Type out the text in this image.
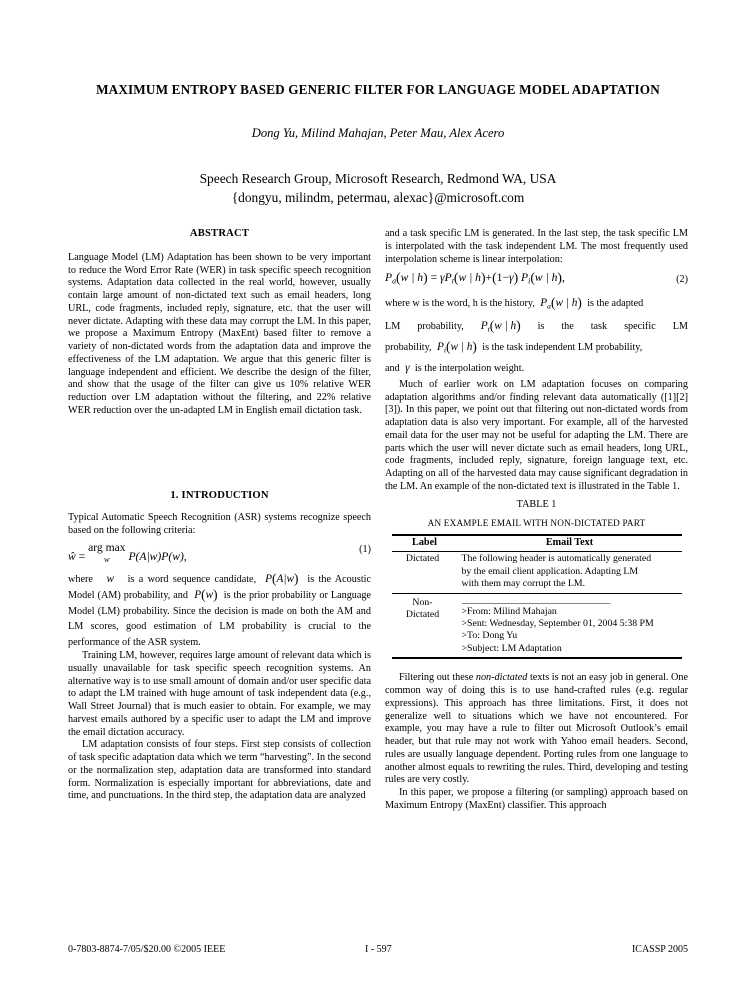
MAXIMUM ENTROPY BASED GENERIC FILTER FOR LANGUAGE MODEL ADAPTATION
Dong Yu, Milind Mahajan, Peter Mau, Alex Acero
Speech Research Group, Microsoft Research, Redmond WA, USA
{dongyu, milindm, petermau, alexac}@microsoft.com
ABSTRACT

Language Model (LM) Adaptation has been shown to be very important to reduce the Word Error Rate (WER) in task specific speech recognition systems. Adaptation data collected in the real world, however, usually contain large amount of non-dictated text such as email headers, long URL, code fragments, included reply, signature, etc. that the user will never dictate. Adapting with these data may corrupt the LM. In this paper, we propose a Maximum Entropy (MaxEnt) based filter to remove a variety of non-dictated words from the adaptation data and improve the effectiveness of the LM adaptation. We argue that this generic filter is language independent and efficient. We describe the design of the filter, and show that the usage of the filter can give us 10% relative WER reduction over LM adaptation without the filtering, and 22% relative WER reduction over the un-adapted LM in English email dictation task.

1. INTRODUCTION

Typical Automatic Speech Recognition (ASR) systems recognize speech based on the following criteria:

ŵ = arg max
w	P(A|w)P(w),
(1)

where   w   is a word sequence candidate,  P(A|w) is the Acoustic Model (AM) probability, and  P(w) is the prior probability or Language Model (LM) probability. Since the decision is made on both the AM and LM scores, good estimation of LM probability is crucial to the performance of the ASR system.

Training LM, however, requires large amount of relevant data which is usually unavailable for task specific speech recognition systems. An alternative way is to use small amount of domain and/or user specific data to adapt the LM trained with huge amount of task independent data (e.g., Wall Street Journal) that is much easier to obtain. For example, we may harvest emails authored by a specific user to adapt the LM and improve the email dictation accuracy.

LM adaptation consists of four steps. First step consists of collection of task specific adaptation data which we term “harvesting”. In the second or the normalization step, adaptation data are transformed into standard form. Normalization is especially important for abbreviations, date and time, and punctuations. In the third step, the adaptation data are analyzed

and a task specific LM is generated. In the last step, the task specific LM is interpolated with the task independent LM. The most frequently used interpolation scheme is linear interpolation:

$P_a(w$ | $h) = \gamma P_t(w$ | h)+(1−γ) $P_i(w$ | h),	(2)

where w is the word, h is the history,  $P_a(w$ | h) is the adapted

LM probability, $P_t(w$ | h) is the task specific LM

probability,  $P_i(w$ | h) is the task independent LM probability,

and  γ  is the interpolation weight.

Much of earlier work on LM adaptation focuses on comparing adaptation algorithms and/or finding relevant data automatically ([1][2][3]). In this paper, we point out that filtering out non-dictated words from adaptation data is also very important. For example, all of the harvested email data for the user may not be useful for adapting the LM. There are parts which the user will never dictate such as email headers, long URL, code fragments, included reply, signature, foreign language text, etc. Adapting on all of the harvested data may cause significant degradation in the LM. An example of the non-dictated text is illustrated in the Table 1.

TABLE 1
AN EXAMPLE EMAIL WITH NON-DICTATED PART

Label	Email Text
Dictated	The following header is automatically generated
by the email client application. Adapting LM
with them may corrupt the LM.

Non-
Dictated	_________________________________
>From: Milind Mahajan
>Sent: Wednesday, September 01, 2004 5:38 PM
>To: Dong Yu
>Subject: LM Adaptation

Filtering out these non-dictated texts is not an easy job in general. One common way of doing this is to use hand-crafted rules (e.g. regular expressions). This approach has three limitations. First, it does not generalize well to situations which we have not encountered. For example, you may have a rule to filter out Microsoft Outlook’s email header, but that rule may not work with Yahoo email headers. Second, rules are usually language dependent. Porting rules from one language to another almost equals to rewriting the rules. Third, developing and testing rules are very costly.

In this paper, we propose a filtering (or sampling) approach based on Maximum Entropy (MaxEnt) classifier. This approach

0-7803-8874-7/05/$20.00 ©2005 IEEE	I - 597	ICASSP 2005
